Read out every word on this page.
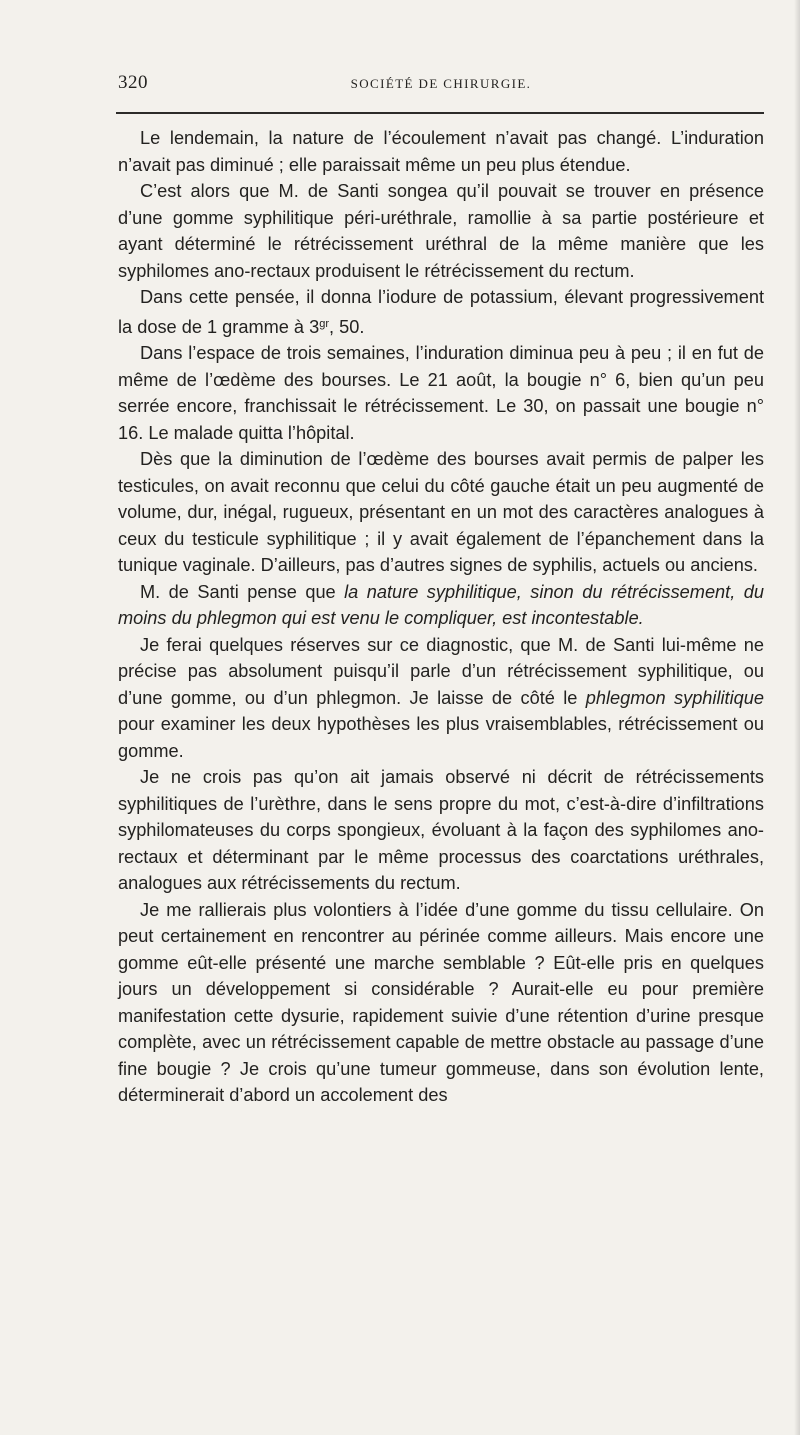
320	SOCIÉTÉ DE CHIRURGIE.

Le lendemain, la nature de l’écoulement n’avait pas changé. L’induration n’avait pas diminué ; elle paraissait même un peu plus étendue.

C’est alors que M. de Santi songea qu’il pouvait se trouver en présence d’une gomme syphilitique péri-uréthrale, ramollie à sa partie postérieure et ayant déterminé le rétrécissement uréthral de la même manière que les syphilomes ano-rectaux produisent le rétrécissement du rectum.

Dans cette pensée, il donna l’iodure de potassium, élevant progressivement la dose de 1 gramme à $3^{gr}$, 50.

Dans l’espace de trois semaines, l’induration diminua peu à peu ; il en fut de même de l’œdème des bourses. Le 21 août, la bougie n° 6, bien qu’un peu serrée encore, franchissait le rétrécissement. Le 30, on passait une bougie n° 16. Le malade quitta l’hôpital.

Dès que la diminution de l’œdème des bourses avait permis de palper les testicules, on avait reconnu que celui du côté gauche était un peu augmenté de volume, dur, inégal, rugueux, présentant en un mot des caractères analogues à ceux du testicule syphilitique ; il y avait également de l’épanchement dans la tunique vaginale. D’ailleurs, pas d’autres signes de syphilis, actuels ou anciens.

M. de Santi pense que la nature syphilitique, sinon du rétrécissement, du moins du phlegmon qui est venu le compliquer, est incontestable.

Je ferai quelques réserves sur ce diagnostic, que M. de Santi lui-même ne précise pas absolument puisqu’il parle d’un rétrécissement syphilitique, ou d’une gomme, ou d’un phlegmon. Je laisse de côté le phlegmon syphilitique pour examiner les deux hypothèses les plus vraisemblables, rétrécissement ou gomme.

Je ne crois pas qu’on ait jamais observé ni décrit de rétrécissements syphilitiques de l’urèthre, dans le sens propre du mot, c’est-à-dire d’infiltrations syphilomateuses du corps spongieux, évoluant à la façon des syphilomes ano-rectaux et déterminant par le même processus des coarctations uréthrales, analogues aux rétrécissements du rectum.

Je me rallierais plus volontiers à l’idée d’une gomme du tissu cellulaire. On peut certainement en rencontrer au périnée comme ailleurs. Mais encore une gomme eût-elle présenté une marche semblable ? Eût-elle pris en quelques jours un développement si considérable ? Aurait-elle eu pour première manifestation cette dysurie, rapidement suivie d’une rétention d’urine presque complète, avec un rétrécissement capable de mettre obstacle au passage d’une fine bougie ? Je crois qu’une tumeur gommeuse, dans son évolution lente, déterminerait d’abord un accolement des
